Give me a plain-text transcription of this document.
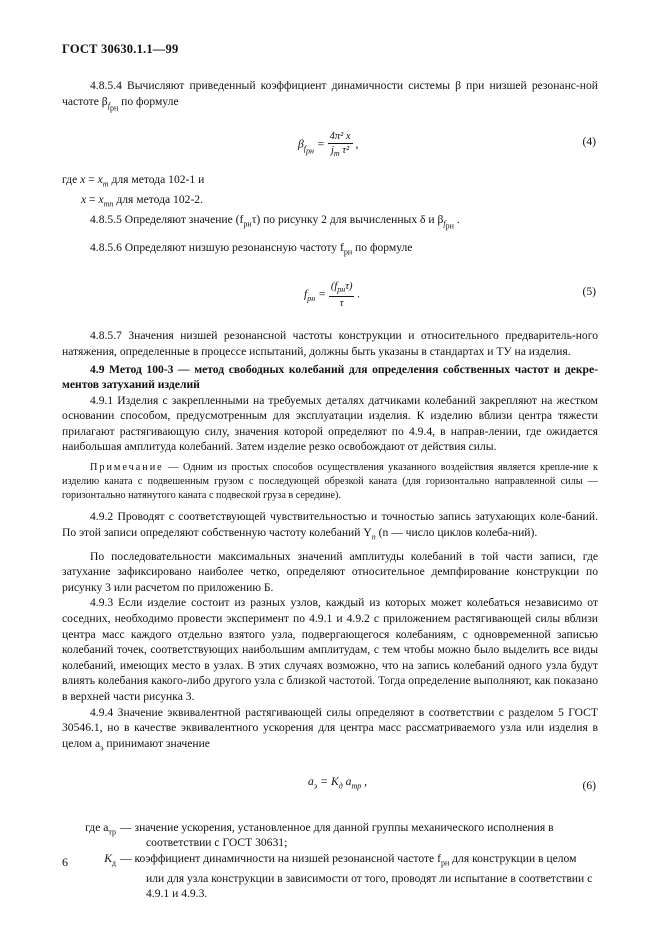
ГОСТ 30630.1.1—99

4.8.5.4 Вычисляют приведенный коэффициент динамичности системы β при низшей резонанс-ной частоте $\beta_{f_{рн}}$ по формуле

$\beta_{f_{рн}} = \frac{\text{4π² x}}{j_m \tau^2}$ ,	(4)

где $x = x_m$ для метода 102-1 и
$x = x_{mn}$ для метода 102-2.

4.8.5.5 Определяют значение $(f_{рн}\tau)$ по рисунку 2 для вычисленных δ и $\beta_{f_{рн}}$ .

4.8.5.6 Определяют низшую резонанcную частоту $f_{рн}$ по формуле

$f_{рн} = \frac{(f_{рн}\tau)}{\tau}$ .	(5)

4.8.5.7 Значения низшей резонансной частоты конструкции и относительного предваритель-ного натяжения, определенные в процессе испытаний, должны быть указаны в стандартах и ТУ на изделия.

4.9 Метод 100-3 — метод свободных колебаний для определения собственных частот и декре-ментов затуханий изделий

4.9.1 Изделия с закрепленными на требуемых деталях датчиками колебаний закрепляют на жестком основании способом, предусмотренным для эксплуатации изделия. К изделию вблизи центра тяжести прилагают растягивающую силу, значения которой определяют по 4.9.4, в направ-лении, где ожидается наибольшая амплитуда колебаний. Затем изделие резко освобождают от действия силы.

Примечание — Одним из простых способов осуществления указанного воздействия является крепле-ние к изделию каната с подвешенным грузом с последующей обрезкой каната (для горизонтально направленной силы — горизонтально натянутого каната с подвеской груза в середине).

4.9.2 Проводят с соответствующей чувствительностью и точностью запись затухающих коле-баний. По этой записи определяют собственную частоту колебаний $Y_n$ (n — число циклов колеба-ний).

По последовательности максимальных значений амплитуды колебаний в той части записи, где затухание зафиксировано наиболее четко, определяют относительное демпфирование конструкции по рисунку 3 или расчетом по приложению Б.

4.9.3 Если изделие состоит из разных узлов, каждый из которых может колебаться независимо от соседних, необходимо провести эксперимент по 4.9.1 и 4.9.2 с приложением растягивающей силы вблизи центра масс каждого отдельно взятого узла, подвергающегося колебаниям, с одновременной записью колебаний точек, соответствующих наибольшим амплитудам, с тем чтобы можно было выделить все виды колебаний, имеющих место в узлах. В этих случаях возможно, что на запись колебаний одного узла будут влиять колебания какого-либо другого узла с близкой частотой. Тогда определение выполняют, как показано в верхней части рисунка 3.

4.9.4 Значение эквивалентной растягивающей силы определяют в соответствии с разделом 5 ГОСТ 30546.1, но в качестве эквивалентного ускорения для центра масс рассматриваемого узла или изделия в целом $a_э$ принимают значение

$a_э = K_д$ $a_{тр}$ ,	(6)
где $a_{тр}$ — значение ускорения, установленное для данной группы механического исполнения в
соответствии с ГОСТ 30631;
$K_д$ — коэффициент динамичности на низшей резонансной частоте $f_{рн}$ для конструкции в целом
или для узла конструкции в зависимости от того, проводят ли испытание в соответствии с 4.9.1 и 4.9.3.
6
